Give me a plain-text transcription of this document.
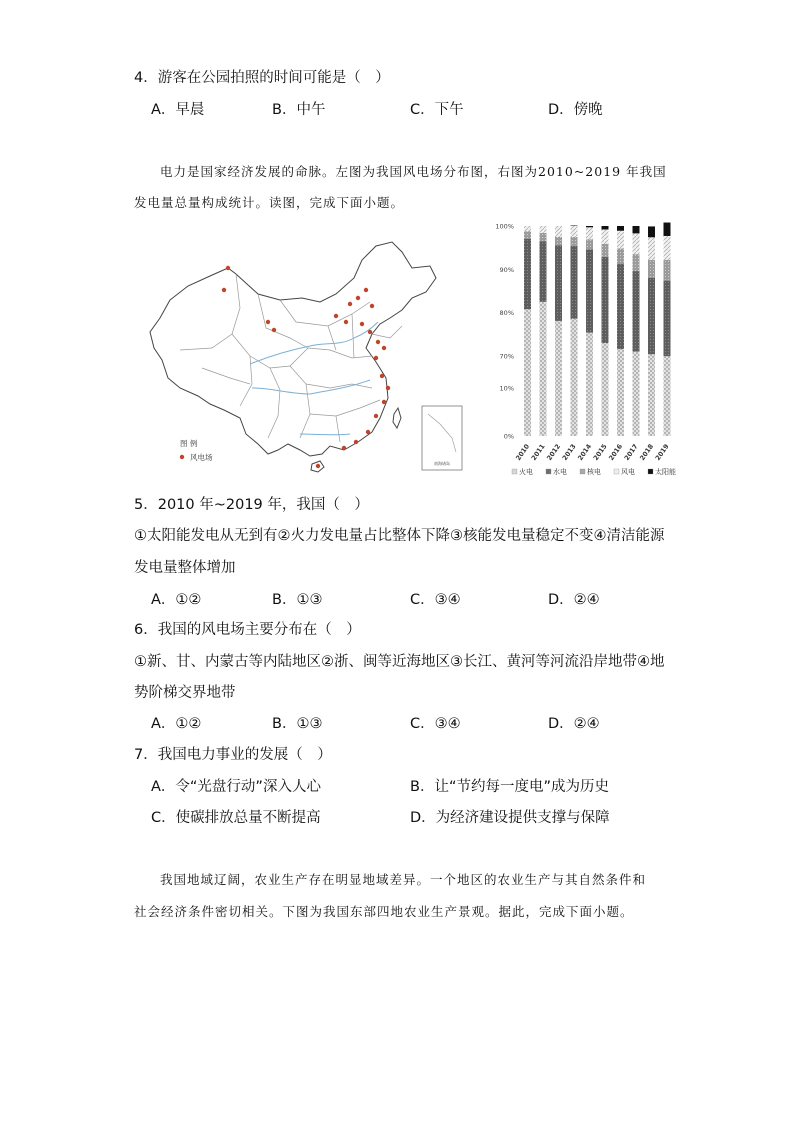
4．游客在公园拍照的时间可能是（　）
A．早晨	B．中午	C．下午	D．傍晚
电力是国家经济发展的命脉。左图为我国风电场分布图，右图为2010~2019 年我国
发电量总量构成统计。读图，完成下面小题。
南海诸岛
图 例
风电场
0%
10%
70%
80%
90%
100%
2010
2011
2012
2013
2014
2015
2016
2017
2018
2019
火电	水电	核电	风电	太阳能
5．2010 年~2019 年，我国（　）
①太阳能发电从无到有②火力发电量占比整体下降③核能发电量稳定不变④清洁能源
发电量整体增加
A．①②	B．①③	C．③④	D．②④
6．我国的风电场主要分布在（　）
①新、甘、内蒙古等内陆地区②浙、闽等近海地区③长江、黄河等河流沿岸地带④地
势阶梯交界地带
A．①②	B．①③	C．③④	D．②④
7．我国电力事业的发展（　）
A．令“光盘行动”深入人心	B．让“节约每一度电”成为历史
C．使碳排放总量不断提高	D．为经济建设提供支撑与保障
我国地域辽阔，农业生产存在明显地域差异。一个地区的农业生产与其自然条件和
社会经济条件密切相关。下图为我国东部四地农业生产景观。据此，完成下面小题。
